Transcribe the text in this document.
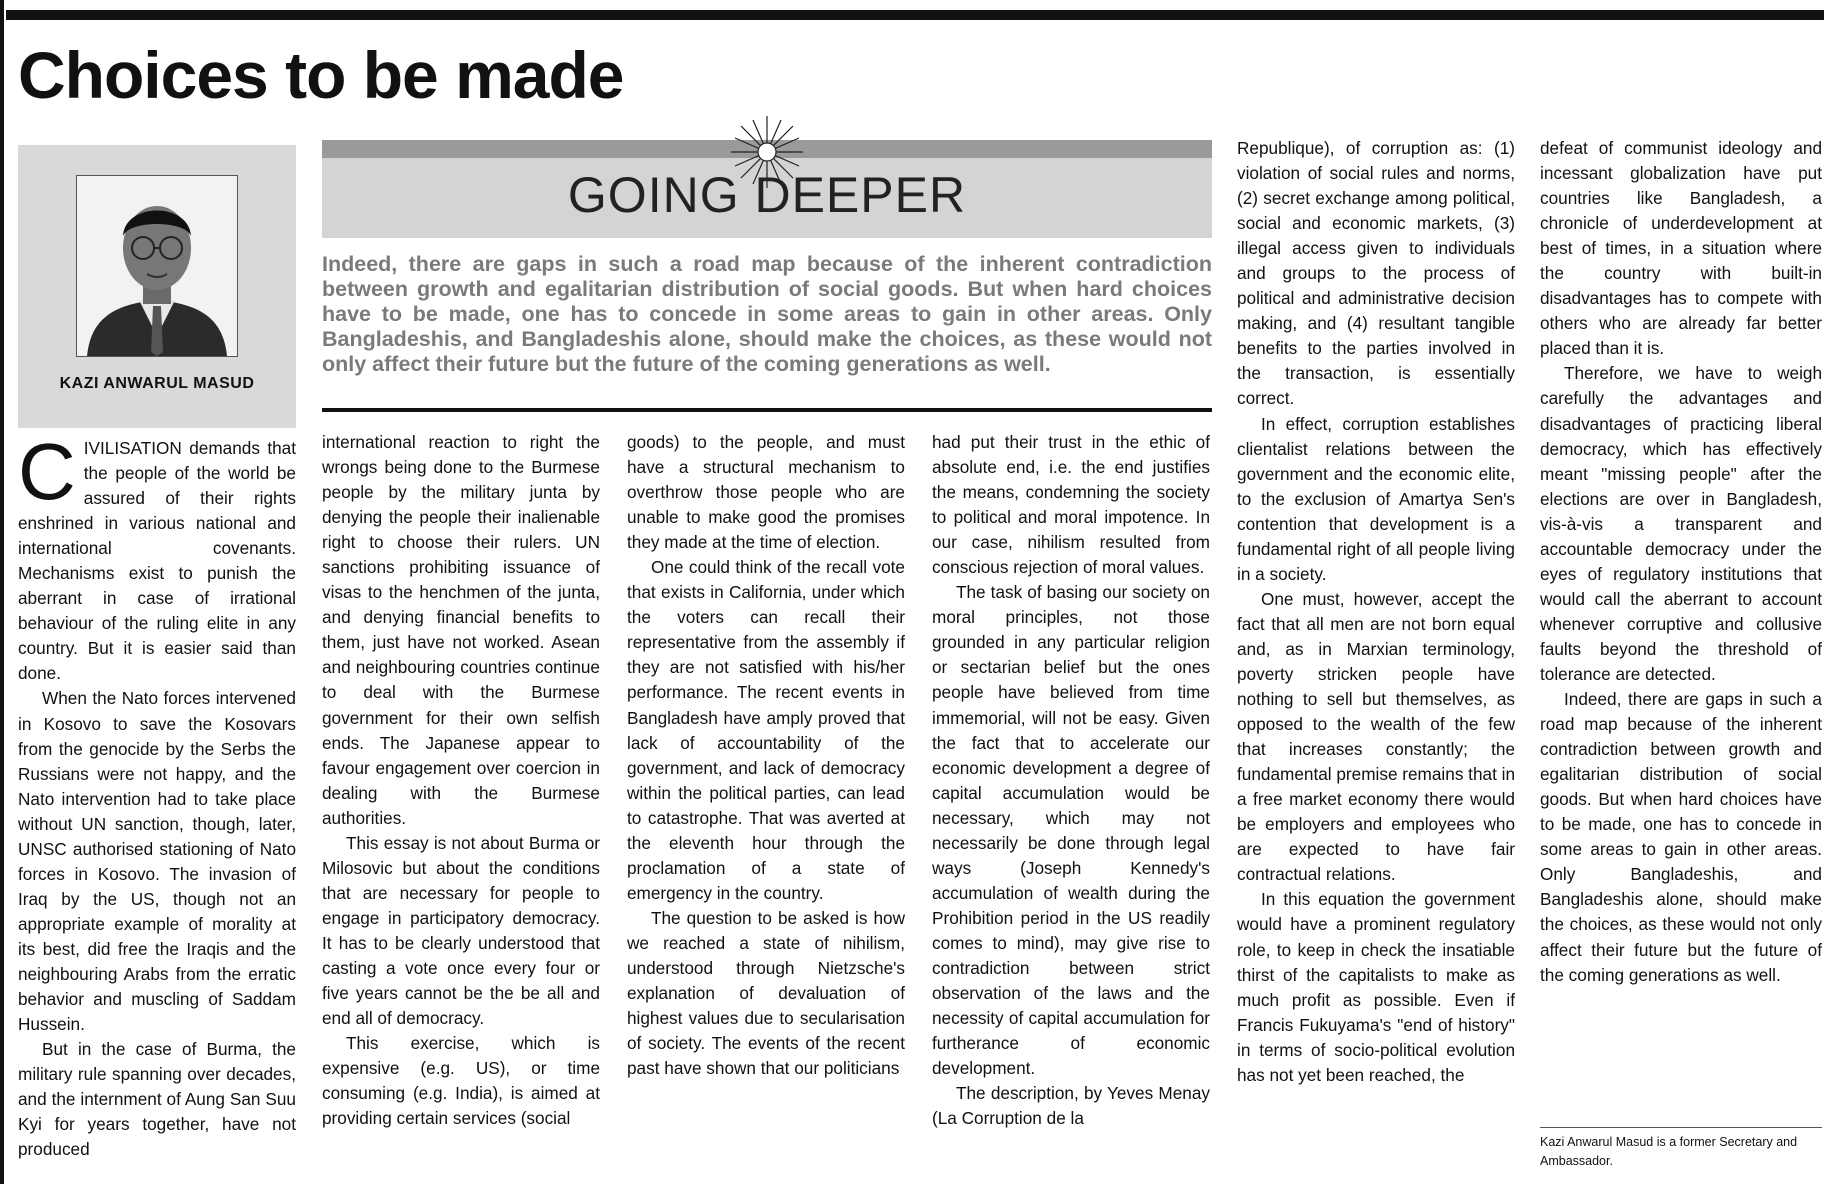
Choices to be made
KAZI ANWARUL MASUD
GOING DEEPER
Indeed, there are gaps in such a road map because of the inherent contradiction between growth and egalitarian distribution of social goods. But when hard choices have to be made, one has to concede in some areas to gain in other areas. Only Bangladeshis, and Bangladeshis alone, should make the choices, as these would not only affect their future but the future of the coming generations as well.

CIVILISATION demands that the people of the world be assured of their rights enshrined in various national and international covenants. Mechanisms exist to punish the aberrant in case of irrational behaviour of the ruling elite in any country. But it is easier said than done.

When the Nato forces intervened in Kosovo to save the Kosovars from the genocide by the Serbs the Russians were not happy, and the Nato intervention had to take place without UN sanction, though, later, UNSC authorised stationing of Nato forces in Kosovo. The invasion of Iraq by the US, though not an appropriate example of morality at its best, did free the Iraqis and the neighbouring Arabs from the erratic behavior and muscling of Saddam Hussein.

But in the case of Burma, the military rule spanning over decades, and the internment of Aung San Suu Kyi for years together, have not produced

international reaction to right the wrongs being done to the Burmese people by the military junta by denying the people their inalienable right to choose their rulers. UN sanctions prohibiting issuance of visas to the henchmen of the junta, and denying financial benefits to them, just have not worked. Asean and neighbouring countries continue to deal with the Burmese government for their own selfish ends. The Japanese appear to favour engagement over coercion in dealing with the Burmese authorities.

This essay is not about Burma or Milosovic but about the conditions that are necessary for people to engage in participatory democracy. It has to be clearly understood that casting a vote once every four or five years cannot be the be all and end all of democracy.

This exercise, which is expensive (e.g. US), or time consuming (e.g. India), is aimed at providing certain services (social

goods) to the people, and must have a structural mechanism to overthrow those people who are unable to make good the promises they made at the time of election.

One could think of the recall vote that exists in California, under which the voters can recall their representative from the assembly if they are not satisfied with his/her performance. The recent events in Bangladesh have amply proved that lack of accountability of the government, and lack of democracy within the political parties, can lead to catastrophe. That was averted at the eleventh hour through the proclamation of a state of emergency in the country.

The question to be asked is how we reached a state of nihilism, understood through Nietzsche's explanation of devaluation of highest values due to secularisation of society. The events of the recent past have shown that our politicians

had put their trust in the ethic of absolute end, i.e. the end justifies the means, condemning the society to political and moral impotence. In our case, nihilism resulted from conscious rejection of moral values.

The task of basing our society on moral principles, not those grounded in any particular religion or sectarian belief but the ones people have believed from time immemorial, will not be easy. Given the fact that to accelerate our economic development a degree of capital accumulation would be necessary, which may not necessarily be done through legal ways (Joseph Kennedy's accumulation of wealth during the Prohibition period in the US readily comes to mind), may give rise to contradiction between strict observation of the laws and the necessity of capital accumulation for furtherance of economic development.

The description, by Yeves Menay (La Corruption de la

Republique), of corruption as: (1) violation of social rules and norms, (2) secret exchange among political, social and economic markets, (3) illegal access given to individuals and groups to the process of political and administrative decision making, and (4) resultant tangible benefits to the parties involved in the transaction, is essentially correct.

In effect, corruption establishes clientalist relations between the government and the economic elite, to the exclusion of Amartya Sen's contention that development is a fundamental right of all people living in a society.

One must, however, accept the fact that all men are not born equal and, as in Marxian terminology, poverty stricken people have nothing to sell but themselves, as opposed to the wealth of the few that increases constantly; the fundamental premise remains that in a free market economy there would be employers and employees who are expected to have fair contractual relations.

In this equation the government would have a prominent regulatory role, to keep in check the insatiable thirst of the capitalists to make as much profit as possible. Even if Francis Fukuyama's "end of history" in terms of socio-political evolution has not yet been reached, the

defeat of communist ideology and incessant globalization have put countries like Bangladesh, a chronicle of underdevelopment at best of times, in a situation where the country with built-in disadvantages has to compete with others who are already far better placed than it is.

Therefore, we have to weigh carefully the advantages and disadvantages of practicing liberal democracy, which has effectively meant "missing people" after the elections are over in Bangladesh, vis-à-vis a transparent and accountable democracy under the eyes of regulatory institutions that would call the aberrant to account whenever corruptive and collusive faults beyond the threshold of tolerance are detected.

Indeed, there are gaps in such a road map because of the inherent contradiction between growth and egalitarian distribution of social goods. But when hard choices have to be made, one has to concede in some areas to gain in other areas. Only Bangladeshis, and Bangladeshis alone, should make the choices, as these would not only affect their future but the future of the coming generations as well.

Kazi Anwarul Masud is a former Secretary and Ambassador.
